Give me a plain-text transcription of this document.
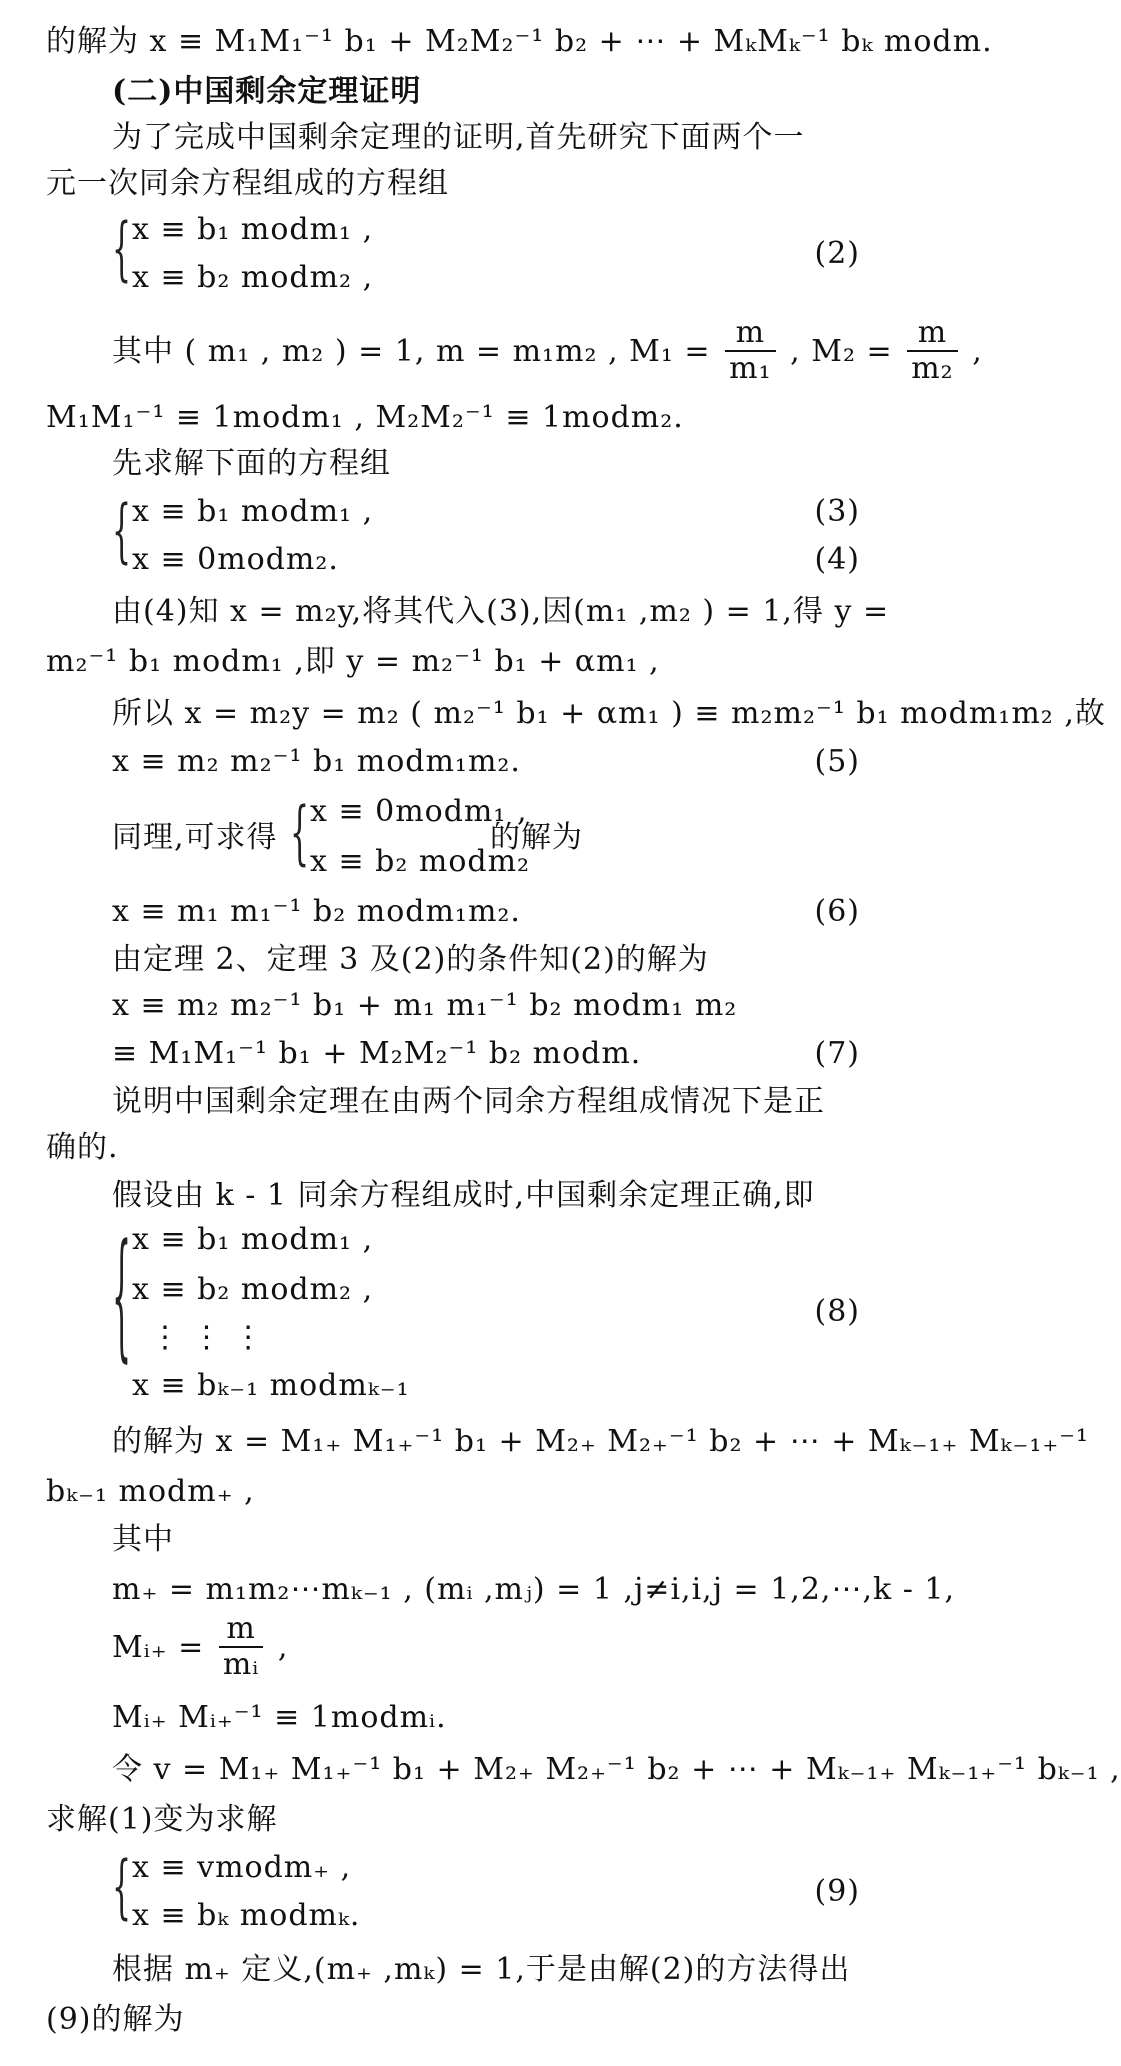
的解为 x ≡ M₁M₁⁻¹ b₁ + M₂M₂⁻¹ b₂ + ⋯ + MₖMₖ⁻¹ bₖ modm.
(二)中国剩余定理证明
为了完成中国剩余定理的证明,首先研究下面两个一
元一次同余方程组成的方程组
{ x ≡ b₁ modm₁ ,
x ≡ b₂ modm₂ ,
(2)
其中 ( m₁ , m₂ ) = 1, m = m₁m₂ , $M_1 = \frac{m}{\text{m₁}}$ , $M_2 = \frac{m}{\text{m₂}}$ ,
M₁M₁⁻¹ ≡ 1modm₁ , M₂M₂⁻¹ ≡ 1modm₂.
先求解下面的方程组
{ x ≡ b₁ modm₁ ,	(3)
x ≡ 0modm₂.	(4)
由(4)知 x = m₂y,将其代入(3),因(m₁ ,m₂ ) = 1,得 y =
m₂⁻¹ b₁ modm₁ ,即 y = m₂⁻¹ b₁ + αm₁ ,
所以 x = m₂y = m₂ ( m₂⁻¹ b₁ + αm₁ ) ≡ m₂m₂⁻¹ b₁ modm₁m₂ ,故
x ≡ m₂ m₂⁻¹ b₁ modm₁m₂.	(5)
同理,可求得 { x ≡ 0modm₁ ,
x ≡ b₂ modm₂
的解为
x ≡ m₁ m₁⁻¹ b₂ modm₁m₂.	(6)
由定理 2、定理 3 及(2)的条件知(2)的解为
x ≡ m₂ m₂⁻¹ b₁ + m₁ m₁⁻¹ b₂ modm₁ m₂
≡ M₁M₁⁻¹ b₁ + M₂M₂⁻¹ b₂ modm.	(7)
说明中国剩余定理在由两个同余方程组成情况下是正
确的.
假设由 k - 1 同余方程组成时,中国剩余定理正确,即
{ x ≡ b₁ modm₁ ,
x ≡ b₂ modm₂ ,
⋮ ⋮ ⋮
x ≡ bₖ₋₁ modmₖ₋₁
(8)
的解为 x = M₁₊ M₁₊⁻¹ b₁ + M₂₊ M₂₊⁻¹ b₂ + ⋯ + Mₖ₋₁₊ Mₖ₋₁₊⁻¹
bₖ₋₁ modm₊ ,
其中
m₊ = m₁m₂⋯mₖ₋₁ , (mᵢ ,mⱼ) = 1 ,j≠i,i,j = 1,2,⋯,k - 1,
Mᵢ₊ = $\frac{m}{\text{mᵢ}}$ ,
Mᵢ₊ Mᵢ₊⁻¹ ≡ 1modmᵢ.
令 v = M₁₊ M₁₊⁻¹ b₁ + M₂₊ M₂₊⁻¹ b₂ + ⋯ + Mₖ₋₁₊ Mₖ₋₁₊⁻¹ bₖ₋₁ ,
求解(1)变为求解
{ x ≡ vmodm₊ ,
x ≡ bₖ modmₖ.
(9)
根据 m₊ 定义,(m₊ ,mₖ) = 1,于是由解(2)的方法得出
(9)的解为
